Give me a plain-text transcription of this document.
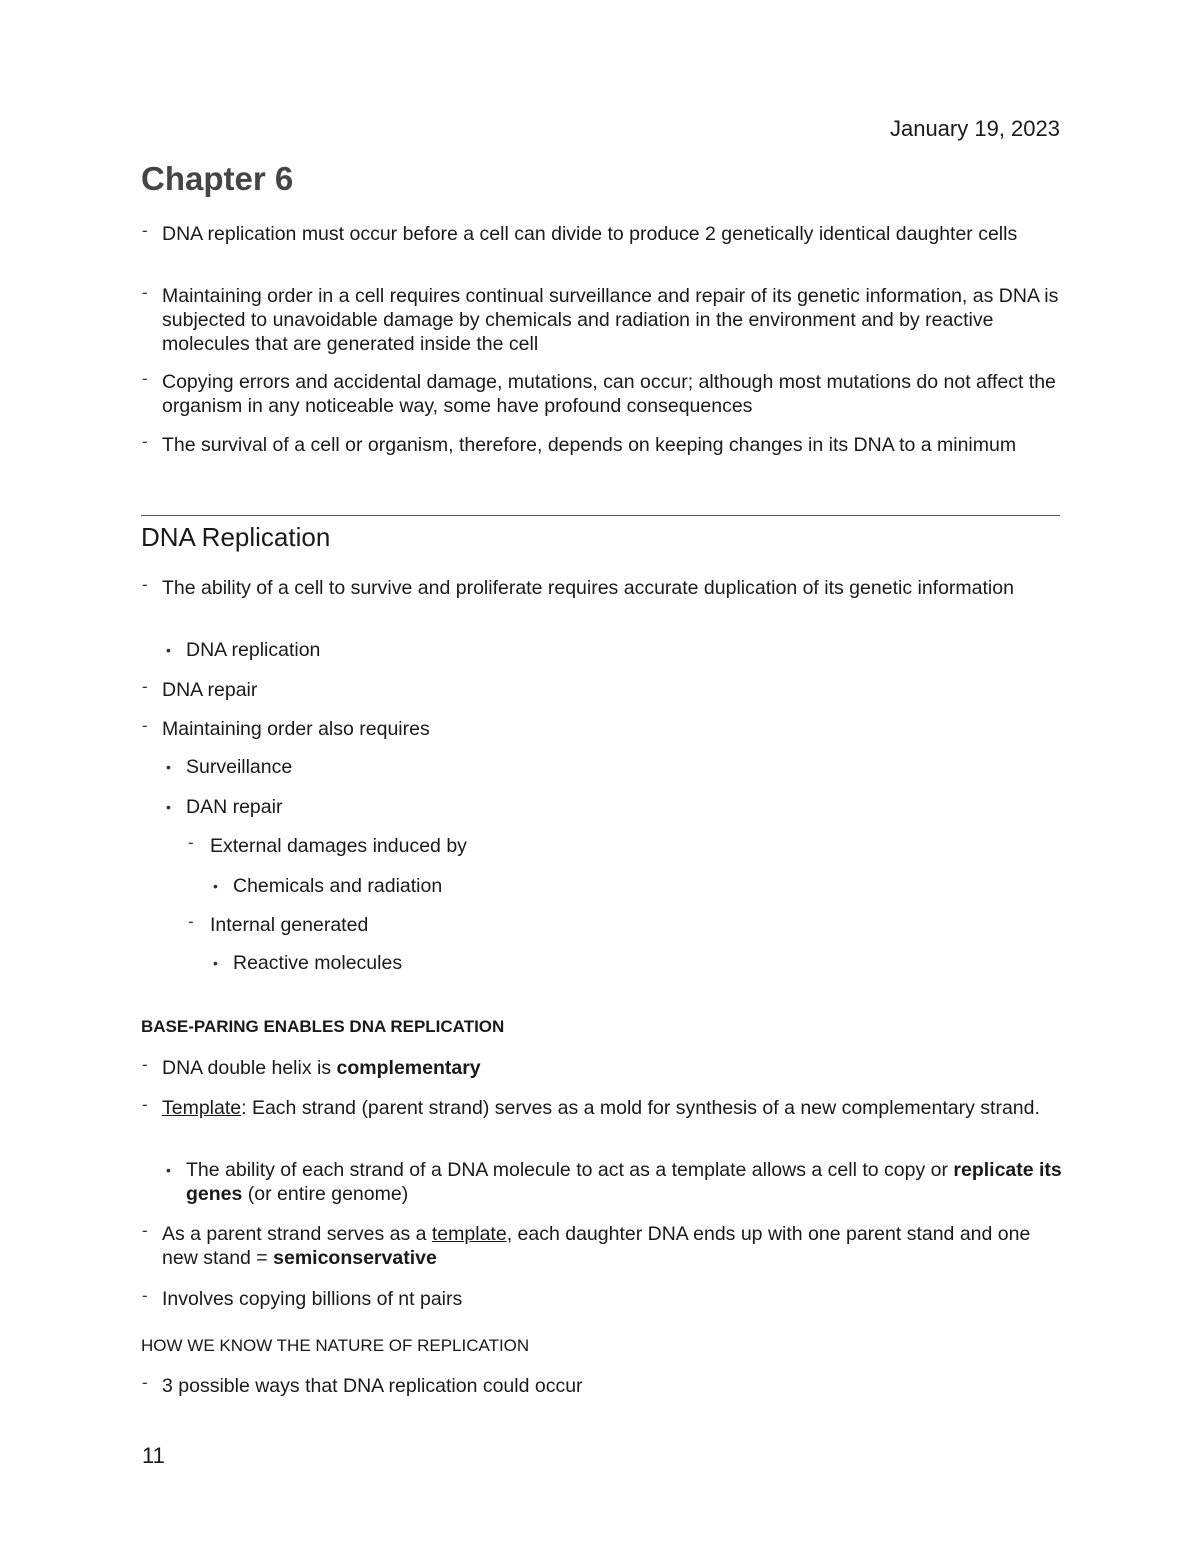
January 19, 2023
Chapter 6
- DNA replication must occur before a cell can divide to produce 2 genetically identical daughter cells
- Maintaining order in a cell requires continual surveillance and repair of its genetic information, as DNA is subjected to unavoidable damage by chemicals and radiation in the environment and by reactive molecules that are generated inside the cell
- Copying errors and accidental damage, mutations, can occur; although most mutations do not affect the organism in any noticeable way, some have profound consequences
- The survival of a cell or organism, therefore, depends on keeping changes in its DNA to a minimum
DNA Replication
- The ability of a cell to survive and proliferate requires accurate duplication of its genetic information
• DNA replication
- DNA repair
- Maintaining order also requires
• Surveillance
• DAN repair
- External damages induced by
• Chemicals and radiation
- Internal generated
• Reactive molecules
BASE-PARING ENABLES DNA REPLICATION
- DNA double helix is complementary
- Template: Each strand (parent strand) serves as a mold for synthesis of a new complementary strand.
• The ability of each strand of a DNA molecule to act as a template allows a cell to copy or replicate its genes (or entire genome)
- As a parent strand serves as a template, each daughter DNA ends up with one parent stand and one new stand = semiconservative
- Involves copying billions of nt pairs
HOW WE KNOW THE NATURE OF REPLICATION
- 3 possible ways that DNA replication could occur
11
